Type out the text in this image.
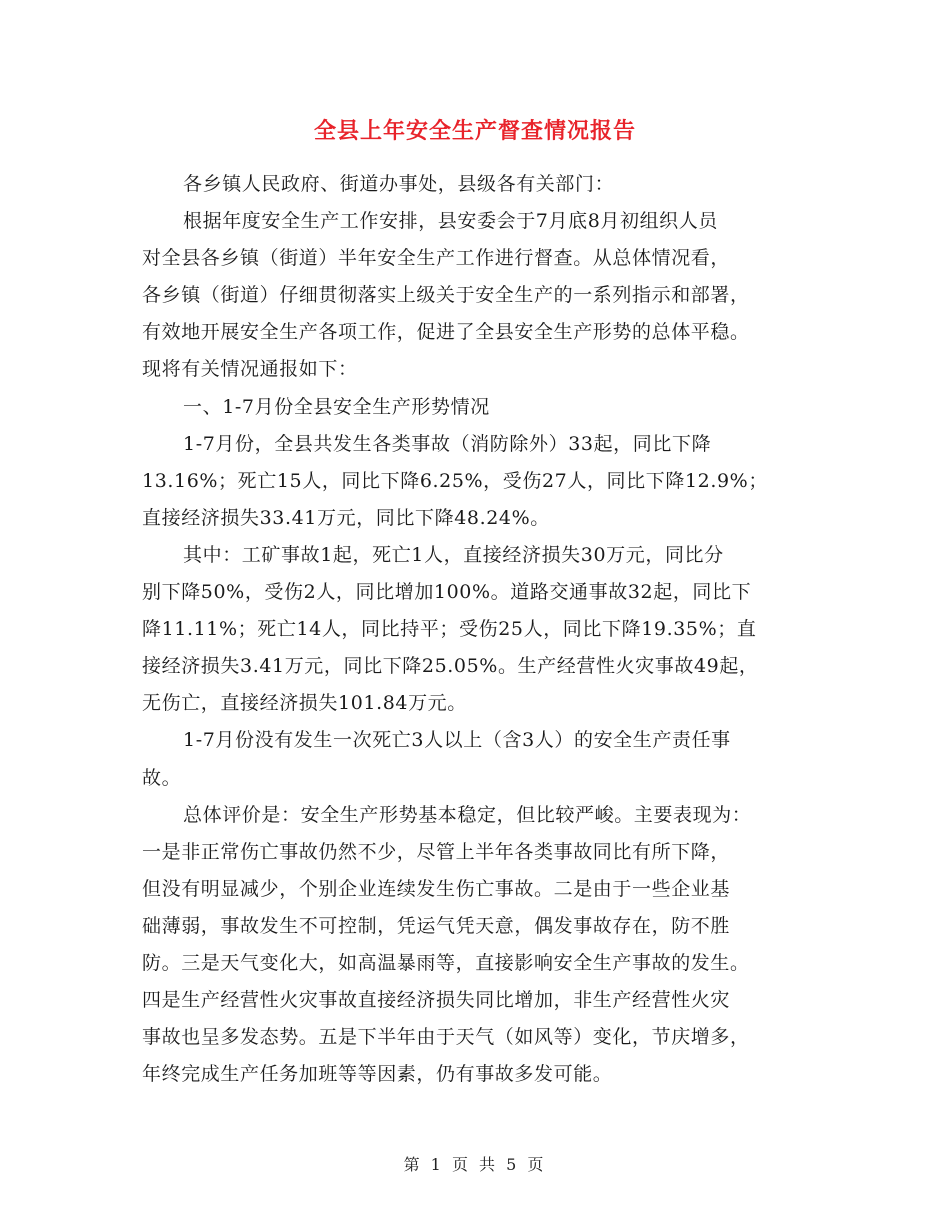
全县上年安全生产督查情况报告
各乡镇人民政府、街道办事处，县级各有关部门：
根据年度安全生产工作安排，县安委会于7月底8月初组织人员
对全县各乡镇（街道）半年安全生产工作进行督查。从总体情况看，
各乡镇（街道）仔细贯彻落实上级关于安全生产的一系列指示和部署，
有效地开展安全生产各项工作，促进了全县安全生产形势的总体平稳。
现将有关情况通报如下：
一、1-7月份全县安全生产形势情况
1-7月份，全县共发生各类事故（消防除外）33起，同比下降
13.16%；死亡15人，同比下降6.25%，受伤27人，同比下降12.9%；
直接经济损失33.41万元，同比下降48.24%。
其中：工矿事故1起，死亡1人，直接经济损失30万元，同比分
别下降50%，受伤2人，同比增加100%。道路交通事故32起，同比下
降11.11%；死亡14人，同比持平；受伤25人，同比下降19.35%；直
接经济损失3.41万元，同比下降25.05%。生产经营性火灾事故49起，
无伤亡，直接经济损失101.84万元。
1-7月份没有发生一次死亡3人以上（含3人）的安全生产责任事
故。
总体评价是：安全生产形势基本稳定，但比较严峻。主要表现为：
一是非正常伤亡事故仍然不少，尽管上半年各类事故同比有所下降，
但没有明显减少，个别企业连续发生伤亡事故。二是由于一些企业基
础薄弱，事故发生不可控制，凭运气凭天意，偶发事故存在，防不胜
防。三是天气变化大，如高温暴雨等，直接影响安全生产事故的发生。
四是生产经营性火灾事故直接经济损失同比增加，非生产经营性火灾
事故也呈多发态势。五是下半年由于天气（如风等）变化，节庆增多，
年终完成生产任务加班等等因素，仍有事故多发可能。
第 1 页 共 5 页
